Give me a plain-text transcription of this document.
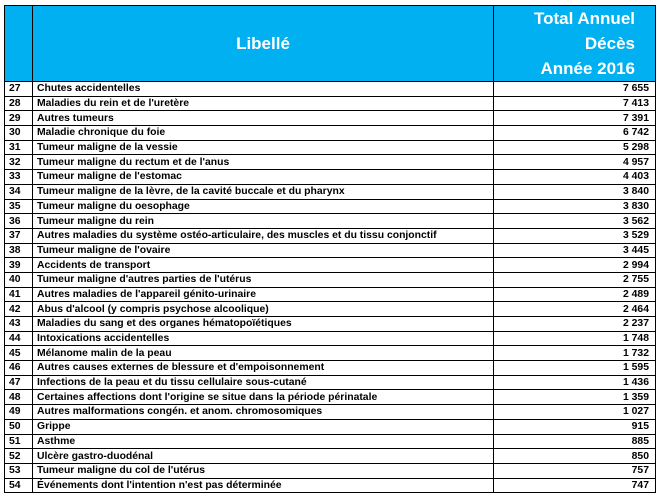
	Libellé	Total Annuel
Décès
Année 2016

27	Chutes accidentelles	7 655
28	Maladies du rein et de l'uretère	7 413
29	Autres tumeurs	7 391
30	Maladie chronique du foie	6 742
31	Tumeur maligne de la vessie	5 298
32	Tumeur maligne du rectum et de l'anus	4 957
33	Tumeur maligne de l'estomac	4 403
34	Tumeur maligne de la lèvre, de la cavité buccale et du pharynx	3 840
35	Tumeur maligne du oesophage	3 830
36	Tumeur maligne du rein	3 562
37	Autres maladies du système ostéo-articulaire, des muscles et du tissu conjonctif	3 529
38	Tumeur maligne de l'ovaire	3 445
39	Accidents de transport	2 994
40	Tumeur maligne d'autres parties de l'utérus	2 755
41	Autres maladies de l'appareil génito-urinaire	2 489
42	Abus d'alcool (y compris psychose alcoolique)	2 464
43	Maladies du sang et des organes hématopoïétiques	2 237
44	Intoxications accidentelles	1 748
45	Mélanome malin de la peau	1 732
46	Autres causes externes de blessure et d'empoisonnement	1 595
47	Infections de la peau et du tissu cellulaire sous-cutané	1 436
48	Certaines affections dont l'origine se situe dans la période périnatale	1 359
49	Autres malformations congén. et anom. chromosomiques	1 027
50	Grippe	915
51	Asthme	885
52	Ulcère gastro-duodénal	850
53	Tumeur maligne du col de l'utérus	757
54	Événements dont l'intention n'est pas déterminée	747
